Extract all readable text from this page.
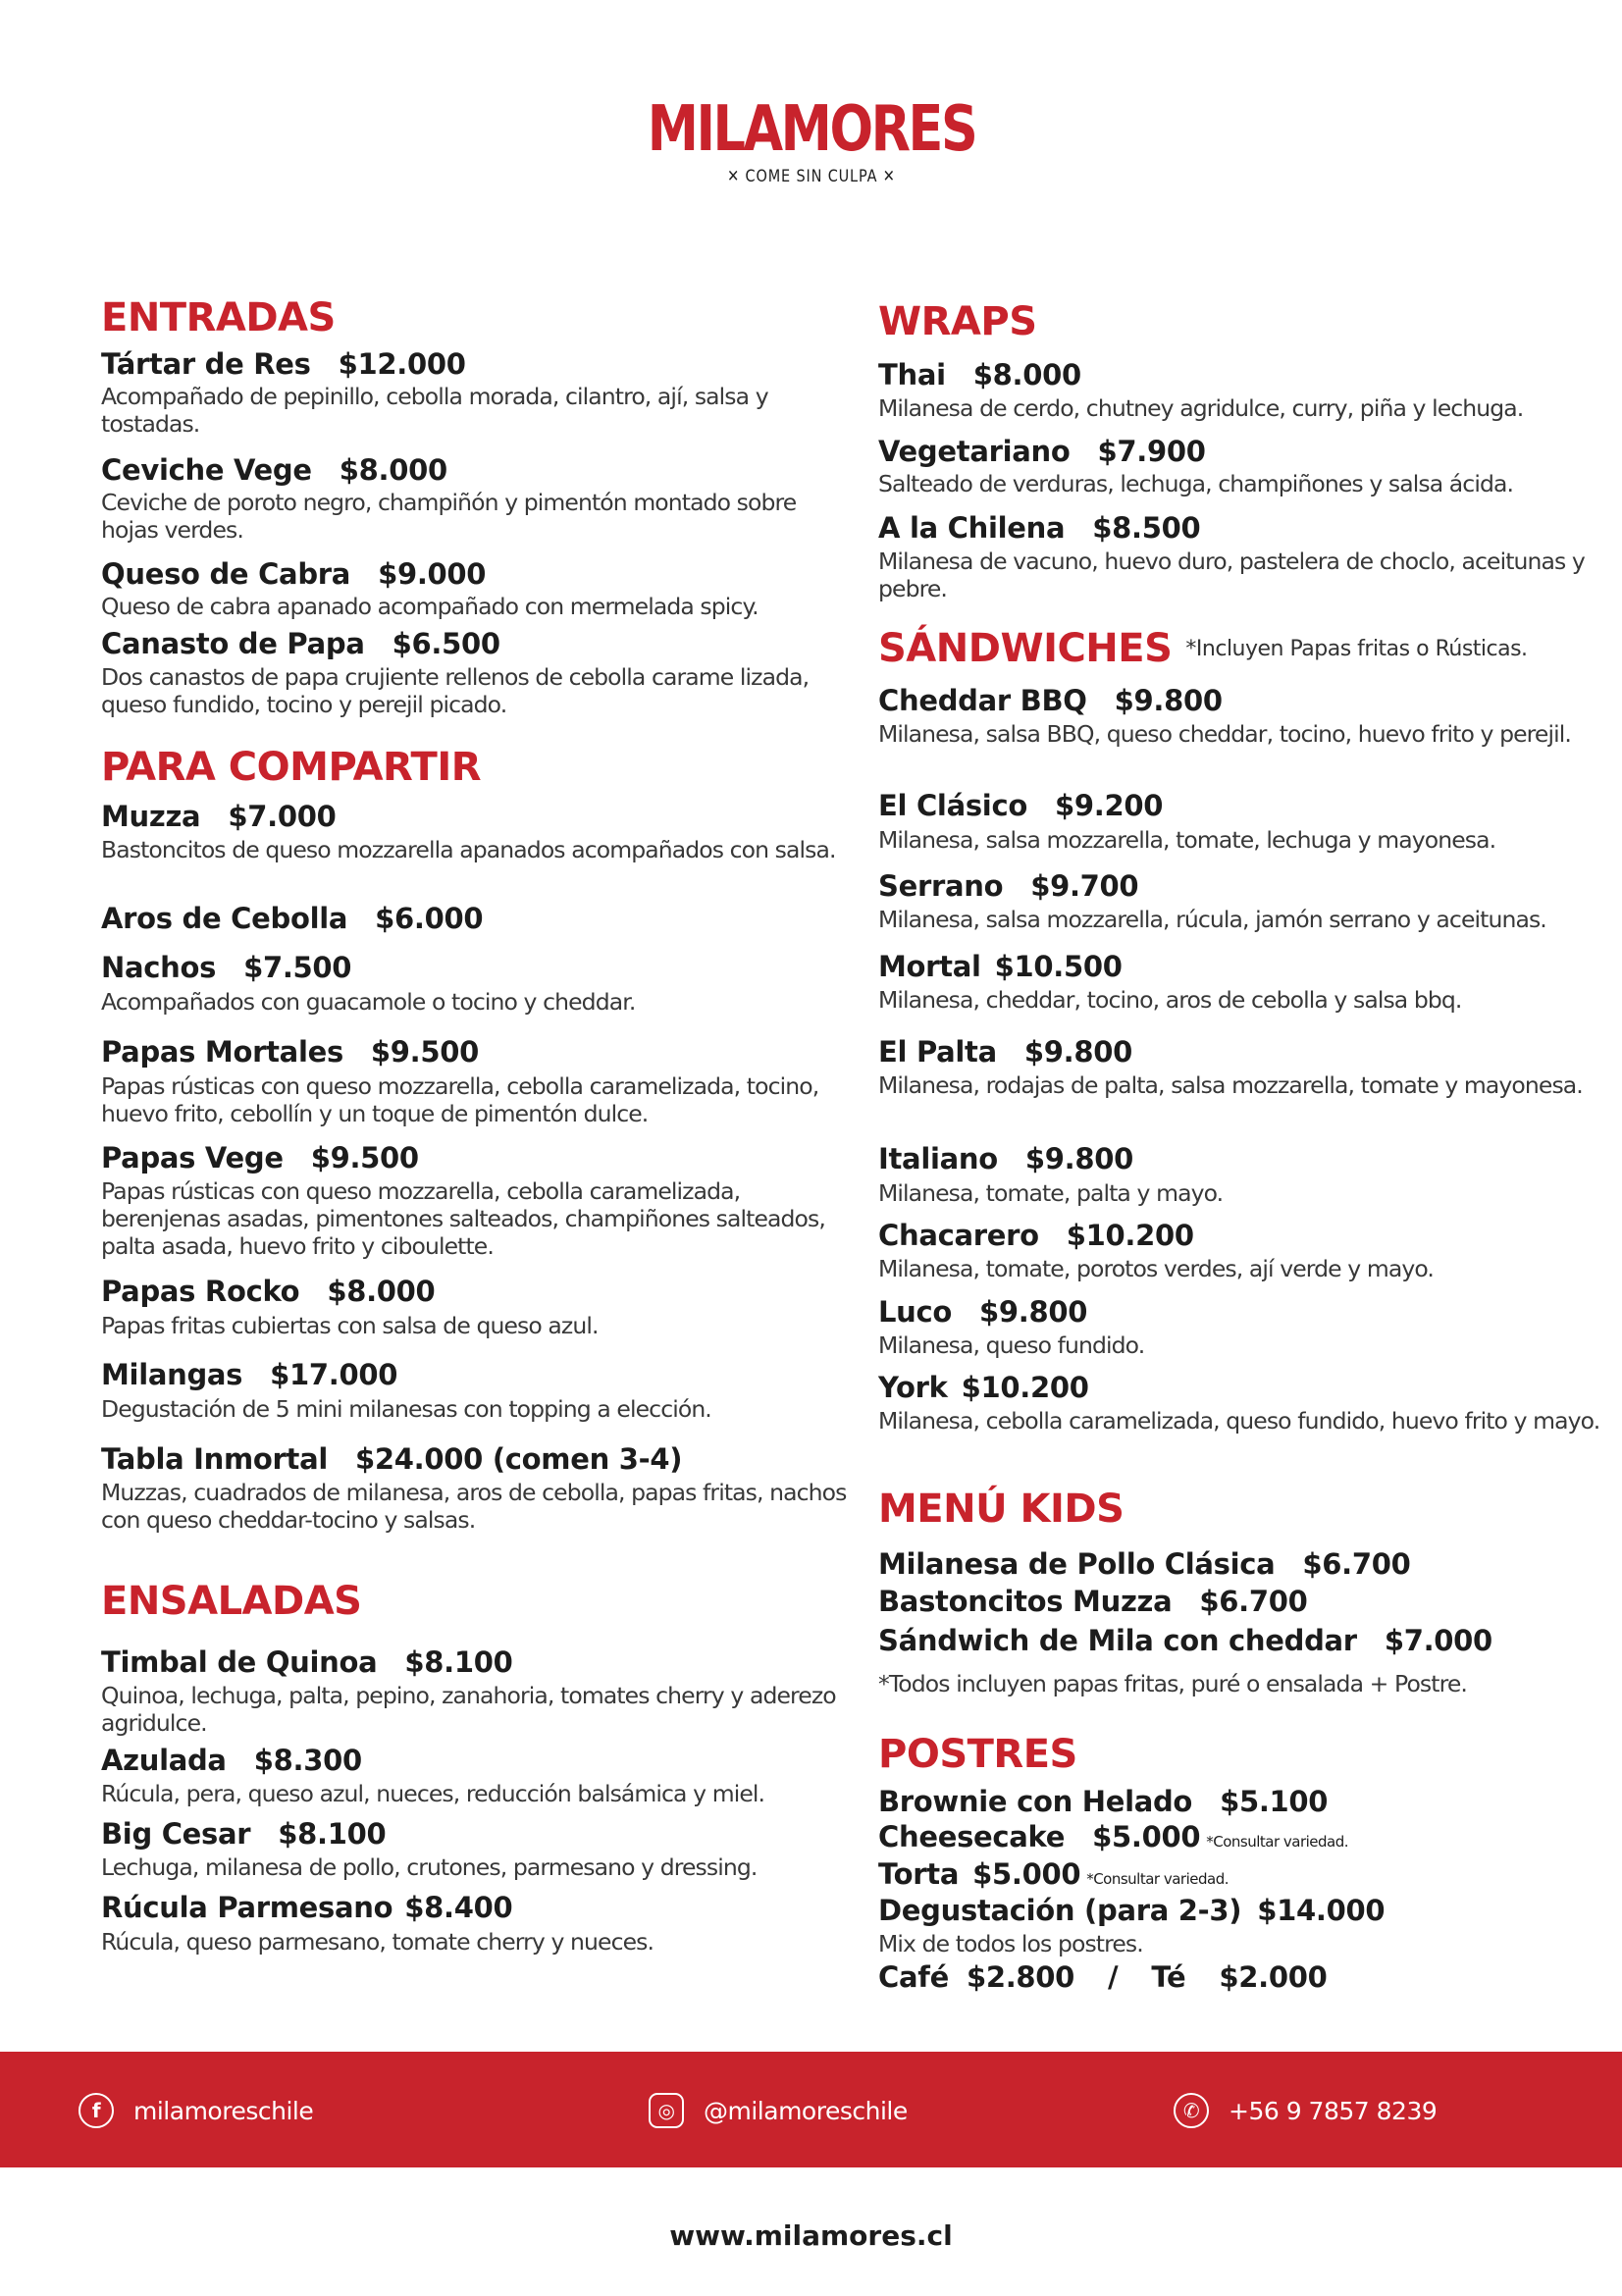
MILAMORES
✕ COME SIN CULPA ✕
ENTRADAS
Tártar de Res $12.000
Acompañado de pepinillo, cebolla morada, cilantro, ají, salsa y tostadas.
Ceviche Vege $8.000
Ceviche de poroto negro, champiñón y pimentón montado sobre hojas verdes.
Queso de Cabra $9.000
Queso de cabra apanado acompañado con mermelada spicy.
Canasto de Papa $6.500
Dos canastos de papa crujiente rellenos de cebolla carame lizada, queso fundido, tocino y perejil picado.
PARA COMPARTIR
Muzza $7.000
Bastoncitos de queso mozzarella apanados acompañados con salsa.
Aros de Cebolla $6.000
Nachos $7.500
Acompañados con guacamole o tocino y cheddar.
Papas Mortales $9.500
Papas rústicas con queso mozzarella, cebolla caramelizada, tocino, huevo frito, cebollín y un toque de pimentón dulce.
Papas Vege $9.500
Papas rústicas con queso mozzarella, cebolla caramelizada, berenjenas asadas, pimentones salteados, champiñones salteados, palta asada, huevo frito y ciboulette.
Papas Rocko $8.000
Papas fritas cubiertas con salsa de queso azul.
Milangas $17.000
Degustación de 5 mini milanesas con topping a elección.
Tabla Inmortal $24.000 (comen 3-4)
Muzzas, cuadrados de milanesa, aros de cebolla, papas fritas, nachos con queso cheddar-tocino y salsas.
ENSALADAS
Timbal de Quinoa $8.100
Quinoa, lechuga, palta, pepino, zanahoria, tomates cherry y aderezo agridulce.
Azulada $8.300
Rúcula, pera, queso azul, nueces, reducción balsámica y miel.
Big Cesar $8.100
Lechuga, milanesa de pollo, crutones, parmesano y dressing.
Rúcula Parmesano $8.400
Rúcula, queso parmesano, tomate cherry y nueces.
WRAPS
Thai $8.000
Milanesa de cerdo, chutney agridulce, curry, piña y lechuga.
Vegetariano $7.900
Salteado de verduras, lechuga, champiñones y salsa ácida.
A la Chilena $8.500
Milanesa de vacuno, huevo duro, pastelera de choclo, aceitunas y pebre.
SÁNDWICHES *Incluyen Papas fritas o Rústicas.
Cheddar BBQ $9.800
Milanesa, salsa BBQ, queso cheddar, tocino, huevo frito y perejil.
El Clásico $9.200
Milanesa, salsa mozzarella, tomate, lechuga y mayonesa.
Serrano $9.700
Milanesa, salsa mozzarella, rúcula, jamón serrano y aceitunas.
Mortal $10.500
Milanesa, cheddar, tocino, aros de cebolla y salsa bbq.
El Palta $9.800
Milanesa, rodajas de palta, salsa mozzarella, tomate y mayonesa.
Italiano $9.800
Milanesa, tomate, palta y mayo.
Chacarero $10.200
Milanesa, tomate, porotos verdes, ají verde y mayo.
Luco $9.800
Milanesa, queso fundido.
York $10.200
Milanesa, cebolla caramelizada, queso fundido, huevo frito y mayo.
MENÚ KIDS
Milanesa de Pollo Clásica $6.700
Bastoncitos Muzza $6.700
Sándwich de Mila con cheddar $7.000
*Todos incluyen papas fritas, puré o ensalada + Postre.
POSTRES
Brownie con Helado $5.100
Cheesecake $5.000 *Consultar variedad.
Torta $5.000 *Consultar variedad.
Degustación (para 2-3) $14.000
Mix de todos los postres.
Café $2.800 / Té $2.000
f	milamoreschile	◎	@milamoreschile	✆	+56 9 7857 8239
www.milamores.cl
